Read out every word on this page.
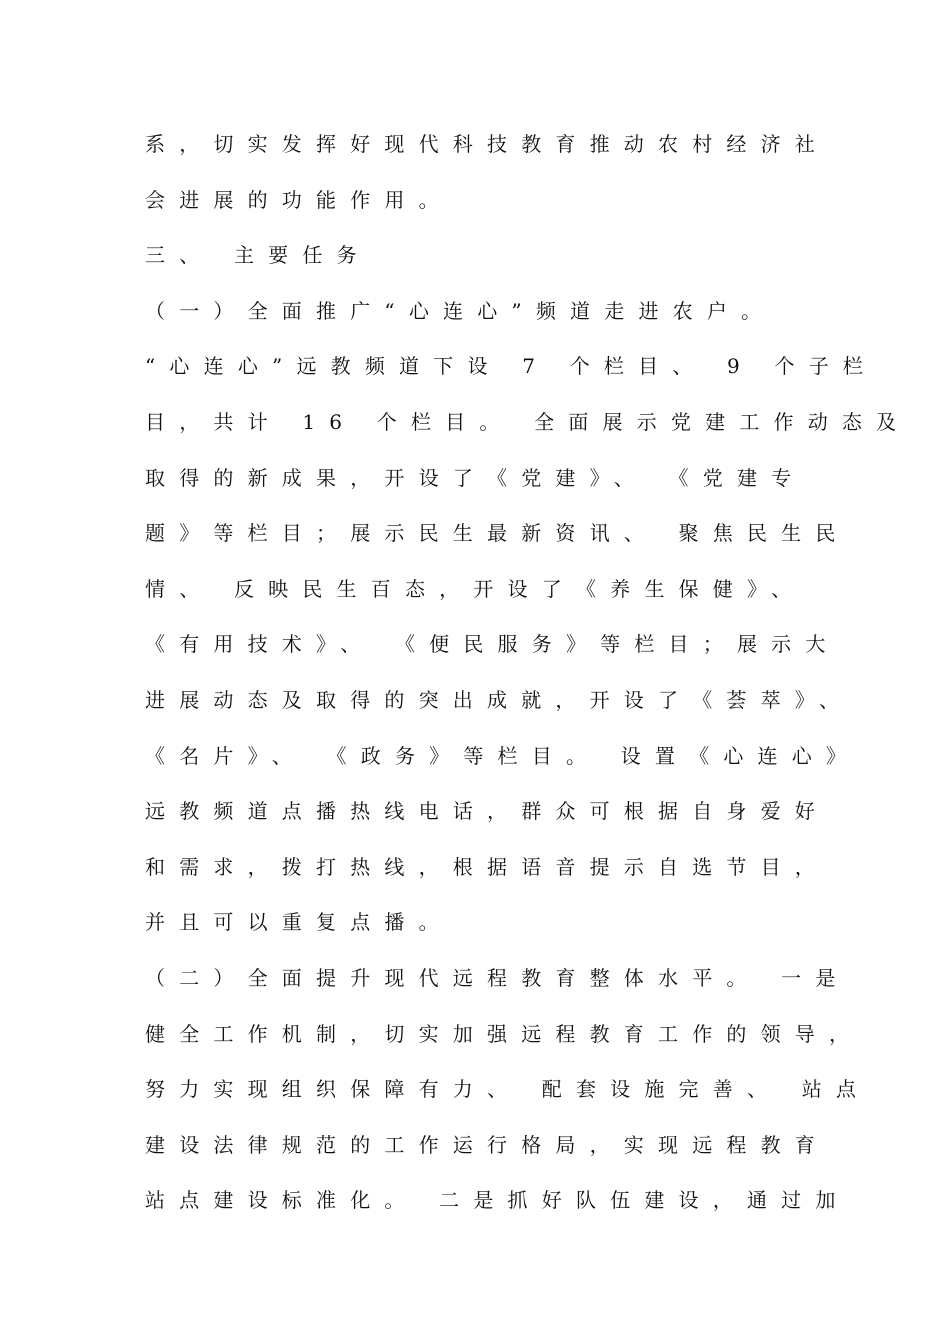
系，切实发挥好现代科技教育推动农村经济社
会进展的功能作用。
三、 主要任务
（一）全面推广“心连心”频道走进农户。
“心连心”远教频道下设 7 个栏目、 9 个子栏
目，共计 16 个栏目。 全面展示党建工作动态及
取得的新成果，开设了《党建》、 《党建专
题》等栏目；展示民生最新资讯、 聚焦民生民
情、 反映民生百态，开设了《养生保健》、
《有用技术》、 《便民服务》等栏目；展示大
进展动态及取得的突出成就，开设了《荟萃》、
《名片》、 《政务》等栏目。 设置《心连心》
远教频道点播热线电话，群众可根据自身爱好
和需求，拨打热线，根据语音提示自选节目，
并且可以重复点播。
（二）全面提升现代远程教育整体水平。 一是
健全工作机制，切实加强远程教育工作的领导，
努力实现组织保障有力、 配套设施完善、 站点
建设法律规范的工作运行格局，实现远程教育
站点建设标准化。 二是抓好队伍建设，通过加
